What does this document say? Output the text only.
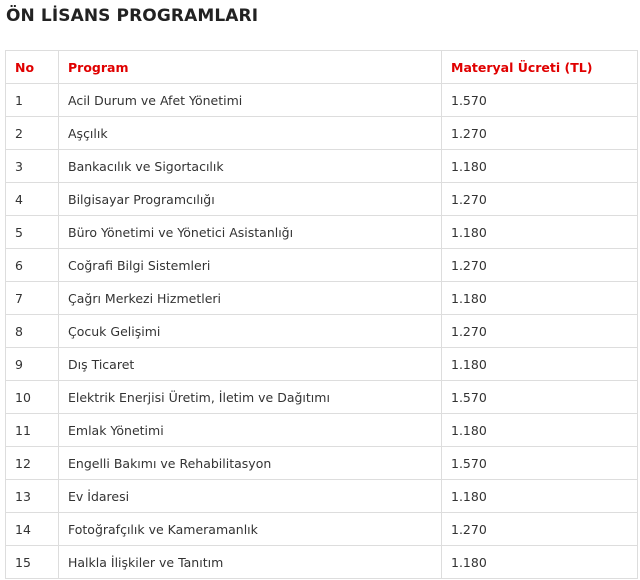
ÖN LİSANS PROGRAMLARI
No	Program	Materyal Ücreti (TL)
1	Acil Durum ve Afet Yönetimi	1.570
2	Aşçılık	1.270
3	Bankacılık ve Sigortacılık	1.180
4	Bilgisayar Programcılığı	1.270
5	Büro Yönetimi ve Yönetici Asistanlığı	1.180
6	Coğrafi Bilgi Sistemleri	1.270
7	Çağrı Merkezi Hizmetleri	1.180
8	Çocuk Gelişimi	1.270
9	Dış Ticaret	1.180
10	Elektrik Enerjisi Üretim, İletim ve Dağıtımı	1.570
11	Emlak Yönetimi	1.180
12	Engelli Bakımı ve Rehabilitasyon	1.570
13	Ev İdaresi	1.180
14	Fotoğrafçılık ve Kameramanlık	1.270
15	Halkla İlişkiler ve Tanıtım	1.180
